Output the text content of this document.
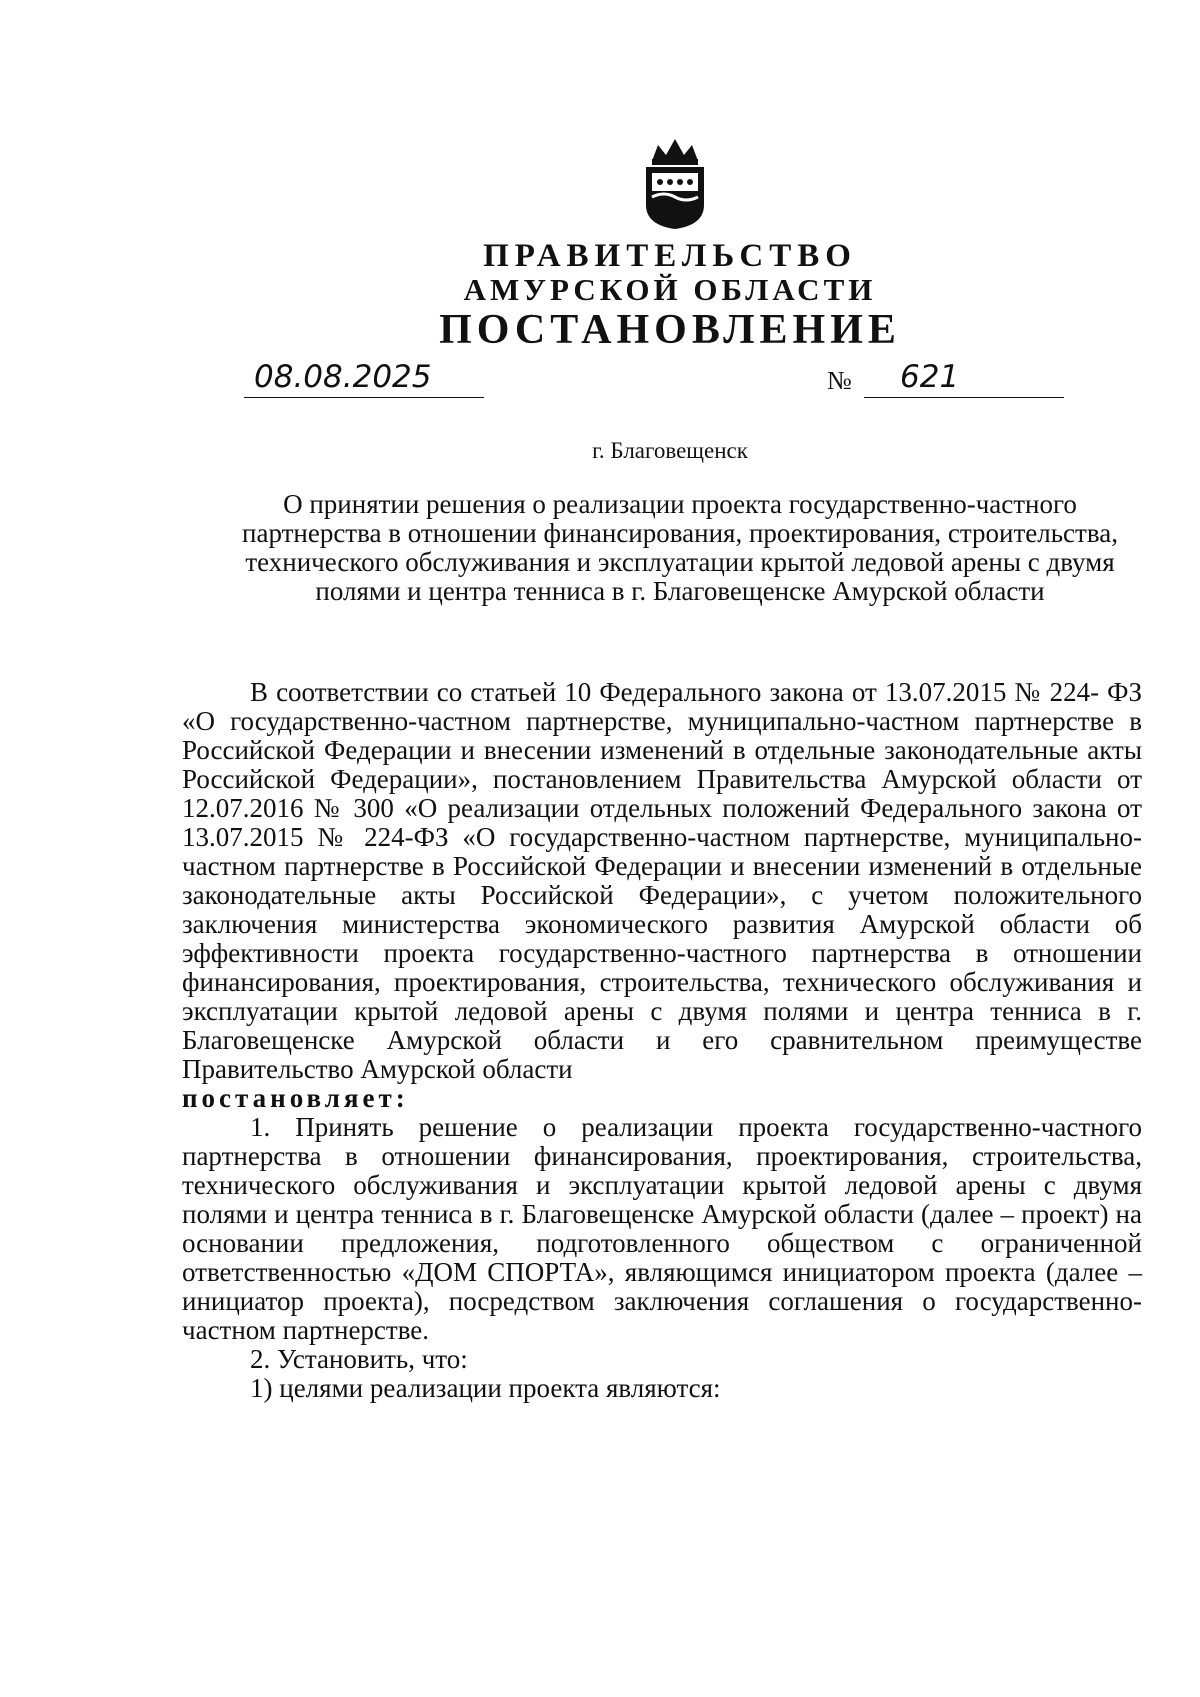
ПРАВИТЕЛЬСТВО
АМУРСКОЙ ОБЛАСТИ
ПОСТАНОВЛЕНИЕ
08.08.2025	№	621
г. Благовещенск
О принятии решения о реализации проекта государственно-частного
партнерства в отношении финансирования, проектирования, строительства,
технического обслуживания и эксплуатации крытой ледовой арены с двумя
полями и центра тенниса в г. Благовещенске Амурской области

В соответствии со статьей 10 Федерального закона от 13.07.2015 № 224- ФЗ «О государственно-частном партнерстве, муниципально-частном партнерстве в Российской Федерации и внесении изменений в отдельные законодательные акты Российской Федерации», постановлением Правительства Амурской области от 12.07.2016 № 300 «О реализации отдельных положений Федерального закона от 13.07.2015 № 224-ФЗ «О государственно-частном партнерстве, муниципально-частном партнерстве в Российской Федерации и внесении изменений в отдельные законодательные акты Российской Федерации», с учетом положительного заключения министерства экономического развития Амурской области об эффективности проекта государственно-частного партнерства в отношении финансирования, проектирования, строительства, технического обслуживания и эксплуатации крытой ледовой арены с двумя полями и центра тенниса в г. Благовещенске Амурской области и его сравнительном преимуществе Правительство Амурской области

постановляет:

1. Принять решение о реализации проекта государственно-частного партнерства в отношении финансирования, проектирования, строительства, технического обслуживания и эксплуатации крытой ледовой арены с двумя полями и центра тенниса в г. Благовещенске Амурской области (далее – проект) на основании предложения, подготовленного обществом с ограниченной ответственностью «ДОМ СПОРТА», являющимся инициатором проекта (далее – инициатор проекта), посредством заключения соглашения о государственно-частном партнерстве.

2. Установить, что:

1) целями реализации проекта являются:
